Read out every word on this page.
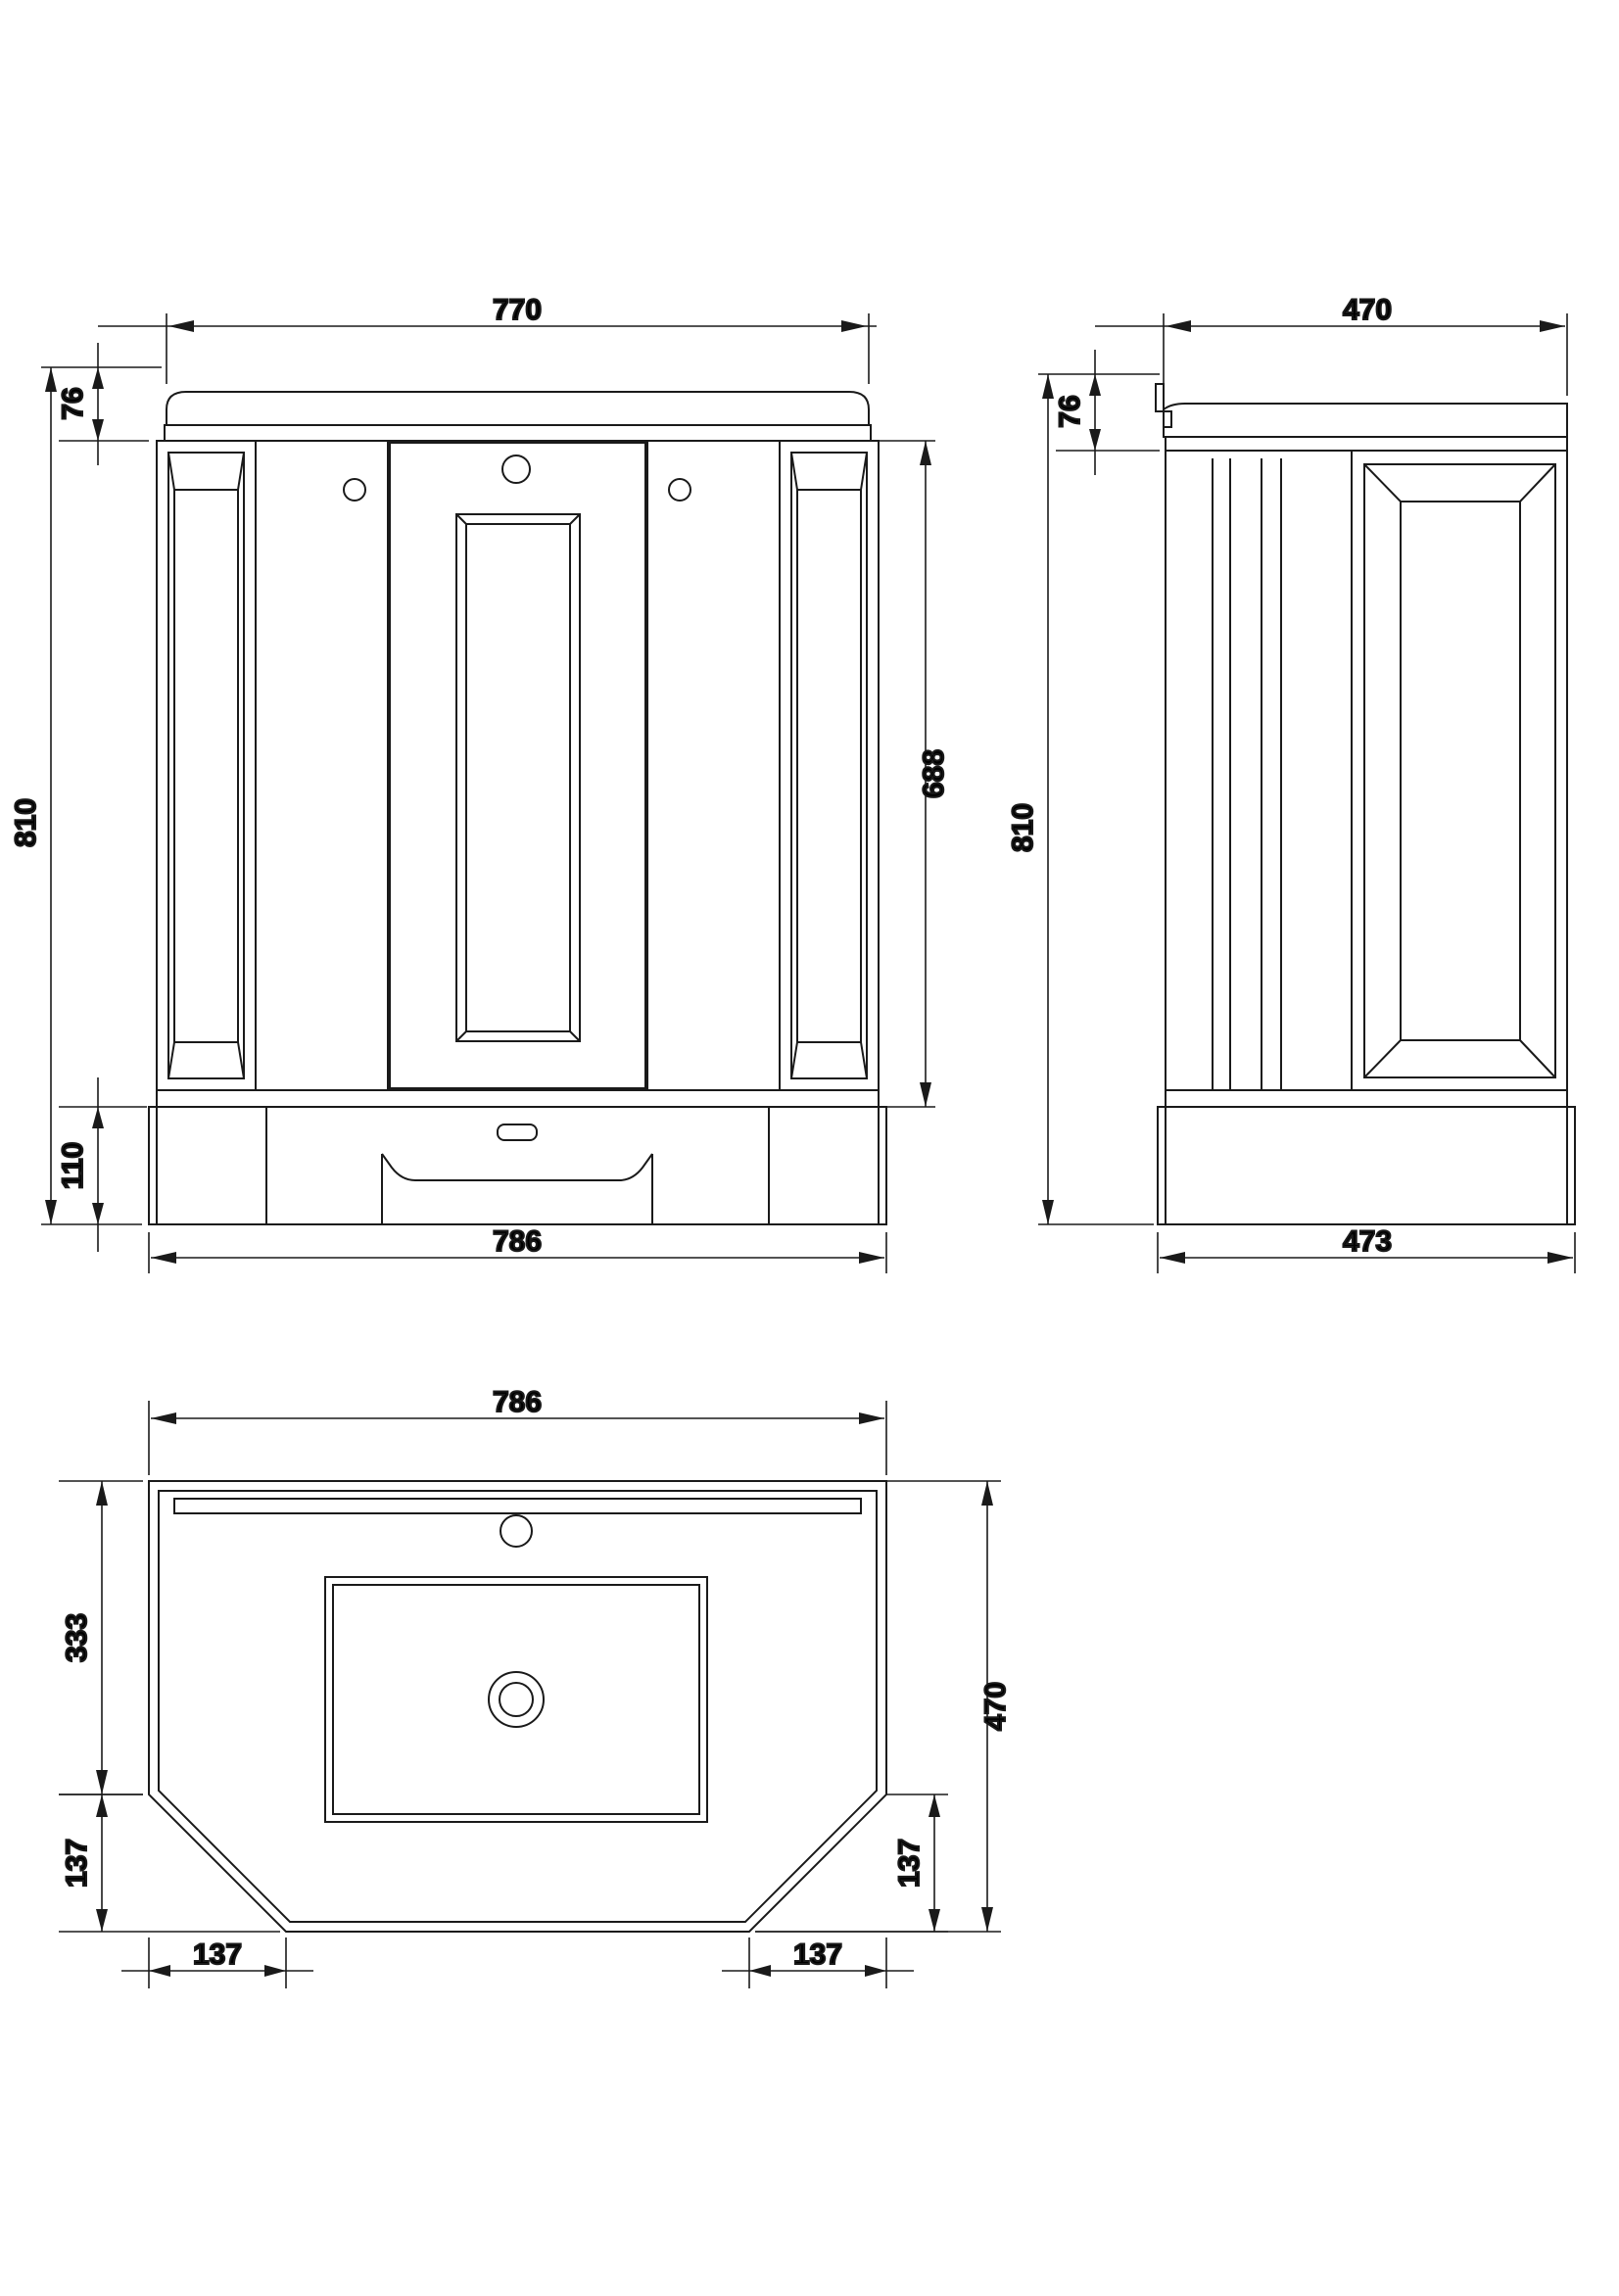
770
76
810
110
688
786
470
76
810
473
786
333
137
470
137
137	137
